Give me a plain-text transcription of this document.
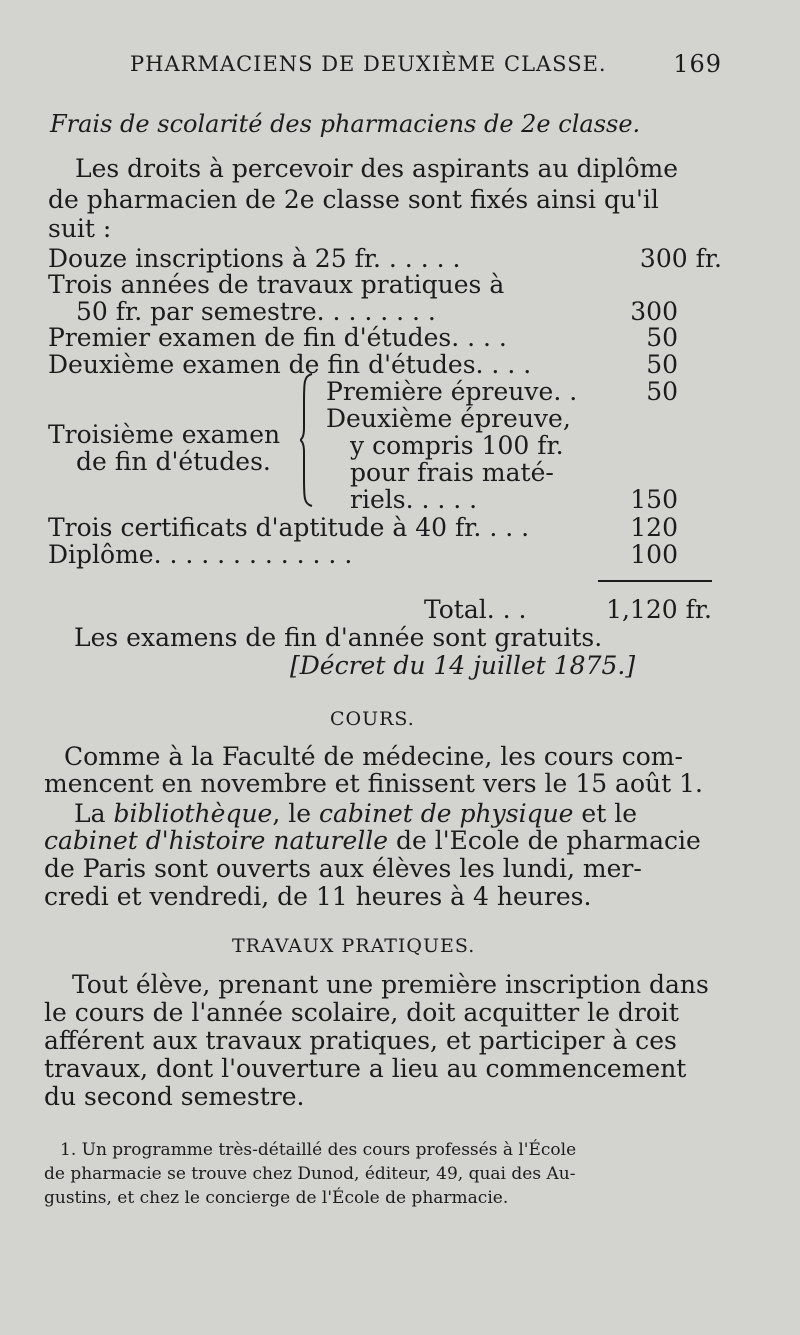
PHARMACIENS DE DEUXIÈME CLASSE.	169
Frais de scolarité des pharmaciens de 2e classe.
Les droits à percevoir des aspirants au diplôme
de pharmacien de 2e classe sont fixés ainsi qu'il
suit :
Douze inscriptions à 25 fr. . . . . .	300 fr.
Trois années de travaux pratiques à
50 fr. par semestre. . . . . . . .	300
Premier examen de fin d'études. . . .	50
Deuxième examen de fin d'études. . . .	50
Troisième examen
de fin d'études.
Première épreuve. .	50
Deuxième épreuve,
y compris 100 fr.
pour frais maté-
riels. . . . .	150
Trois certificats d'aptitude à 40 fr. . . .	120
Diplôme. . . . . . . . . . . . .	100
Total. . .	1,120 fr.
Les examens de fin d'année sont gratuits.
[Décret du 14 juillet 1875.]
COURS.
Comme à la Faculté de médecine, les cours com-
mencent en novembre et finissent vers le 15 août 1.
La bibliothèque, le cabinet de physique et le
cabinet d'histoire naturelle de l'Ecole de pharmacie
de Paris sont ouverts aux élèves les lundi, mer-
credi et vendredi, de 11 heures à 4 heures.
TRAVAUX PRATIQUES.
Tout élève, prenant une première inscription dans
le cours de l'année scolaire, doit acquitter le droit
afférent aux travaux pratiques, et participer à ces
travaux, dont l'ouverture a lieu au commencement
du second semestre.
1. Un programme très-détaillé des cours professés à l'École
de pharmacie se trouve chez Dunod, éditeur, 49, quai des Au-
gustins, et chez le concierge de l'École de pharmacie.
